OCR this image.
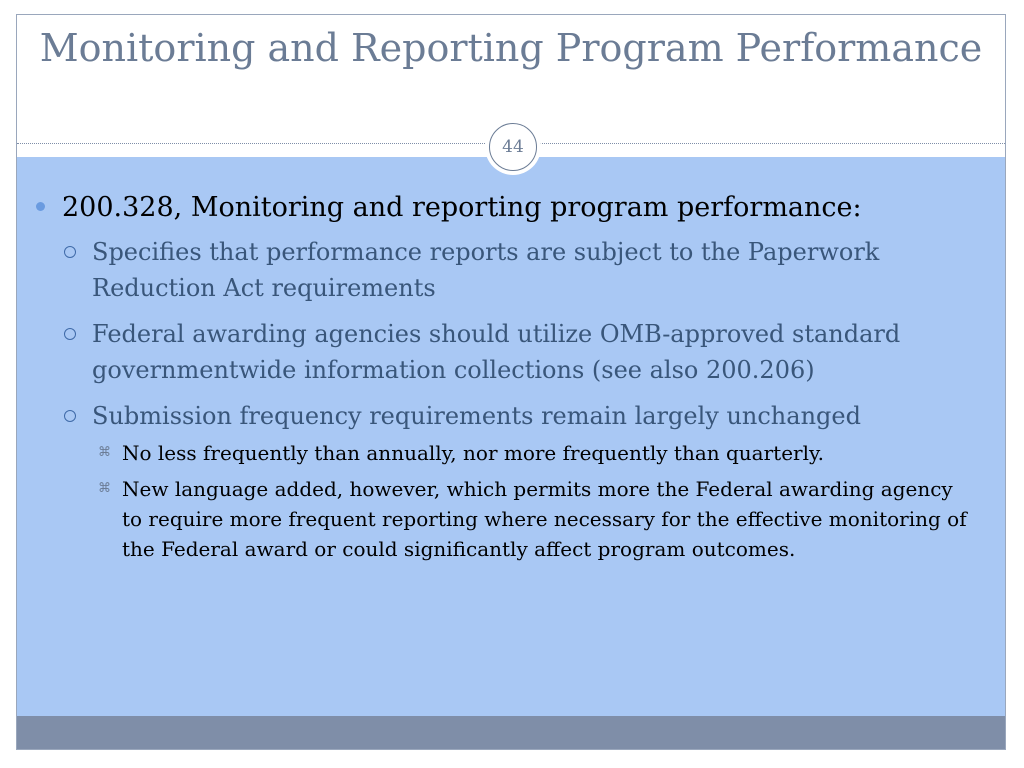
Monitoring and Reporting Program Performance
44
200.328, Monitoring and reporting program performance:
Specifies that performance reports are subject to the Paperwork Reduction Act requirements
Federal awarding agencies should utilize OMB-approved standard governmentwide information collections (see also 200.206)
Submission frequency requirements remain largely unchanged
⌘ No less frequently than annually, nor more frequently than quarterly.
⌘ New language added, however, which permits more the Federal awarding agency to require more frequent reporting where necessary for the effective monitoring of the Federal award or could significantly affect program outcomes.
